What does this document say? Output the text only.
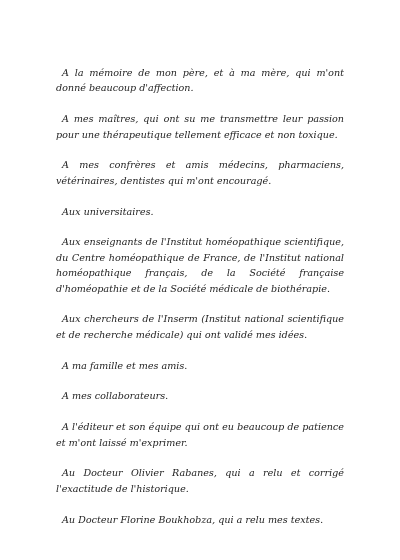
A la mémoire de mon père, et à ma mère, qui m'ont donné beaucoup d'affection.

A mes maîtres, qui ont su me transmettre leur passion pour une thérapeutique tellement efficace et non toxique.

A mes confrères et amis médecins, pharmaciens, vétérinaires, dentistes qui m'ont encouragé.

Aux universitaires.

Aux enseignants de l'Institut homéopathique scientifique, du Centre homéopathique de France, de l'Institut national homéopathique français, de la Société française d'homéopathie et de la Société médicale de biothérapie.

Aux chercheurs de l'Inserm (Institut national scientifique et de recherche médicale) qui ont validé mes idées.

A ma famille et mes amis.

A mes collaborateurs.

A l'éditeur et son équipe qui ont eu beaucoup de patience et m'ont laissé m'exprimer.

Au Docteur Olivier Rabanes, qui a relu et corrigé l'exactitude de l'historique.

Au Docteur Florine Boukhobza, qui a relu mes textes.
